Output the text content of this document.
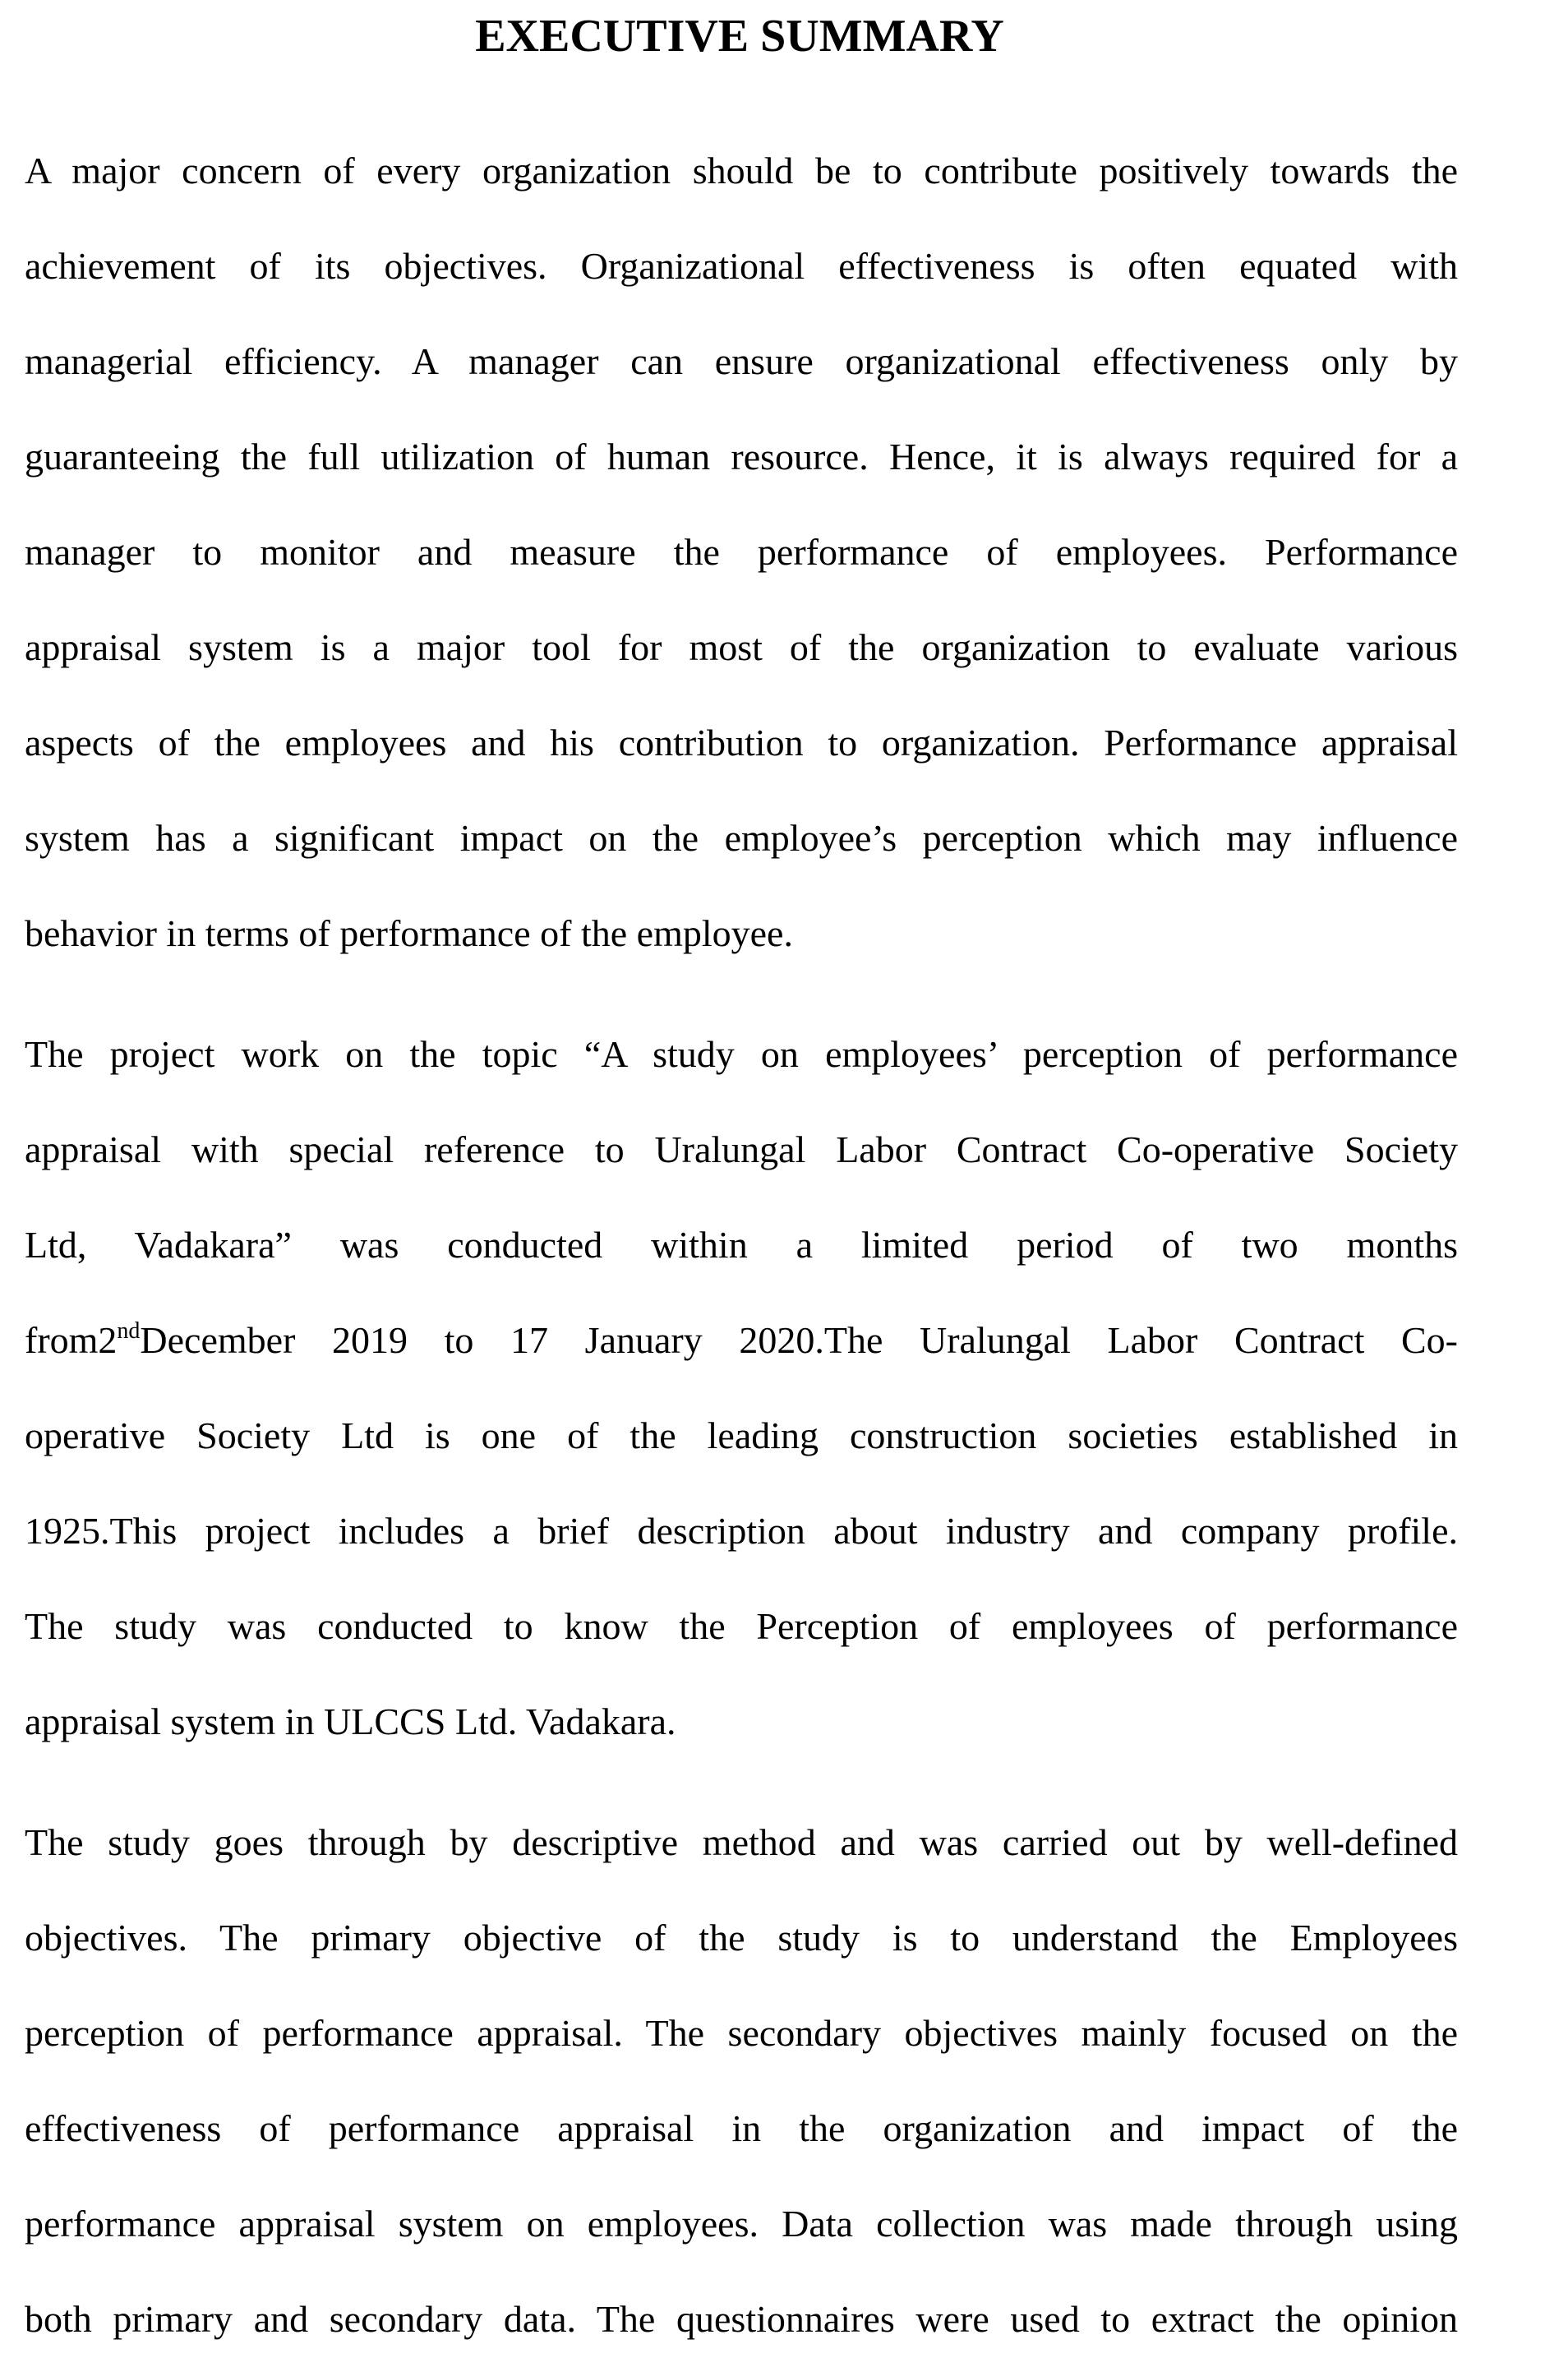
EXECUTIVE SUMMARY
A major concern of every organization should be to contribute positively towards the
achievement of its objectives. Organizational effectiveness is often equated with
managerial efficiency. A manager can ensure organizational effectiveness only by
guaranteeing the full utilization of human resource. Hence, it is always required for a
manager to monitor and measure the performance of employees. Performance
appraisal system is a major tool for most of the organization to evaluate various
aspects of the employees and his contribution to organization. Performance appraisal
system has a significant impact on the employee’s perception which may influence
behavior in terms of performance of the employee.
The project work on the topic “A study on employees’ perception of performance
appraisal with special reference to Uralungal Labor Contract Co-operative Society
Ltd, Vadakara” was conducted within a limited period of two months
from2ndDecember 2019 to 17 January 2020.The Uralungal Labor Contract Co-
operative Society Ltd is one of the leading construction societies established in
1925.This project includes a brief description about industry and company profile.
The study was conducted to know the Perception of employees of performance
appraisal system in ULCCS Ltd. Vadakara.
The study goes through by descriptive method and was carried out by well-defined
objectives. The primary objective of the study is to understand the Employees
perception of performance appraisal. The secondary objectives mainly focused on the
effectiveness of performance appraisal in the organization and impact of the
performance appraisal system on employees. Data collection was made through using
both primary and secondary data. The questionnaires were used to extract the opinion
